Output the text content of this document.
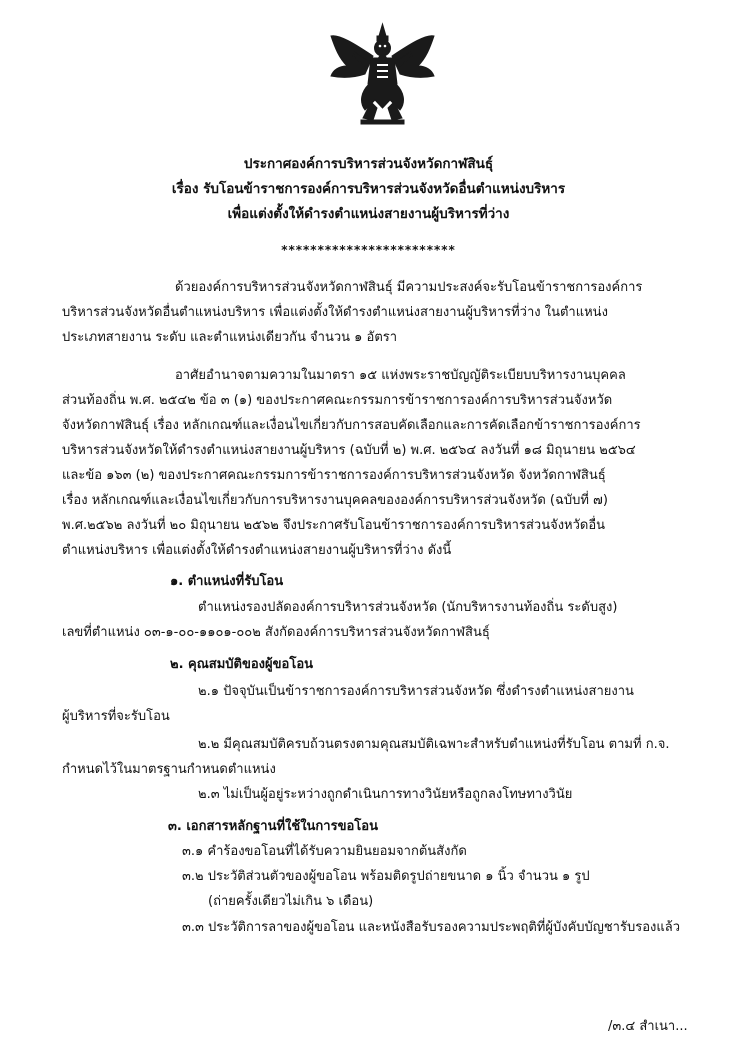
ประกาศองค์การบริหารส่วนจังหวัดกาฬสินธุ์
เรื่อง รับโอนข้าราชการองค์การบริหารส่วนจังหวัดอื่นตำแหน่งบริหาร
เพื่อแต่งตั้งให้ดำรงตำแหน่งสายงานผู้บริหารที่ว่าง
************************
ด้วยองค์การบริหารส่วนจังหวัดกาฬสินธุ์ มีความประสงค์จะรับโอนข้าราชการองค์การ
บริหารส่วนจังหวัดอื่นตำแหน่งบริหาร เพื่อแต่งตั้งให้ดำรงตำแหน่งสายงานผู้บริหารที่ว่าง ในตำแหน่ง
ประเภทสายงาน ระดับ และตำแหน่งเดียวกัน จำนวน ๑ อัตรา
อาศัยอำนาจตามความในมาตรา ๑๕ แห่งพระราชบัญญัติระเบียบบริหารงานบุคคล
ส่วนท้องถิ่น พ.ศ. ๒๕๔๒ ข้อ ๓ (๑) ของประกาศคณะกรรมการข้าราชการองค์การบริหารส่วนจังหวัด
จังหวัดกาฬสินธุ์ เรื่อง หลักเกณฑ์และเงื่อนไขเกี่ยวกับการสอบคัดเลือกและการคัดเลือกข้าราชการองค์การ
บริหารส่วนจังหวัดให้ดำรงตำแหน่งสายงานผู้บริหาร (ฉบับที่ ๒) พ.ศ. ๒๕๖๔ ลงวันที่ ๑๘ มิถุนายน ๒๕๖๔
และข้อ ๑๖๓ (๒) ของประกาศคณะกรรมการข้าราชการองค์การบริหารส่วนจังหวัด จังหวัดกาฬสินธุ์
เรื่อง หลักเกณฑ์และเงื่อนไขเกี่ยวกับการบริหารงานบุคคลขององค์การบริหารส่วนจังหวัด (ฉบับที่ ๗)
พ.ศ.๒๕๖๒ ลงวันที่ ๒๐ มิถุนายน ๒๕๖๒ จึงประกาศรับโอนข้าราชการองค์การบริหารส่วนจังหวัดอื่น
ตำแหน่งบริหาร เพื่อแต่งตั้งให้ดำรงตำแหน่งสายงานผู้บริหารที่ว่าง ดังนี้
๑. ตำแหน่งที่รับโอน
ตำแหน่งรองปลัดองค์การบริหารส่วนจังหวัด (นักบริหารงานท้องถิ่น ระดับสูง)
เลขที่ตำแหน่ง ๐๓-๑-๐๐-๑๑๐๑-๐๐๒ สังกัดองค์การบริหารส่วนจังหวัดกาฬสินธุ์
๒. คุณสมบัติของผู้ขอโอน
๒.๑ ปัจจุบันเป็นข้าราชการองค์การบริหารส่วนจังหวัด ซึ่งดำรงตำแหน่งสายงาน
ผู้บริหารที่จะรับโอน
๒.๒ มีคุณสมบัติครบถ้วนตรงตามคุณสมบัติเฉพาะสำหรับตำแหน่งที่รับโอน ตามที่ ก.จ.
กำหนดไว้ในมาตรฐานกำหนดตำแหน่ง
๒.๓ ไม่เป็นผู้อยู่ระหว่างถูกดำเนินการทางวินัยหรือถูกลงโทษทางวินัย
๓. เอกสารหลักฐานที่ใช้ในการขอโอน
๓.๑ คำร้องขอโอนที่ได้รับความยินยอมจากต้นสังกัด
๓.๒ ประวัติส่วนตัวของผู้ขอโอน พร้อมติดรูปถ่ายขนาด ๑ นิ้ว จำนวน ๑ รูป
(ถ่ายครั้งเดียวไม่เกิน ๖ เดือน)
๓.๓ ประวัติการลาของผู้ขอโอน และหนังสือรับรองความประพฤติที่ผู้บังคับบัญชารับรองแล้ว
/๓.๔ สำเนา...
